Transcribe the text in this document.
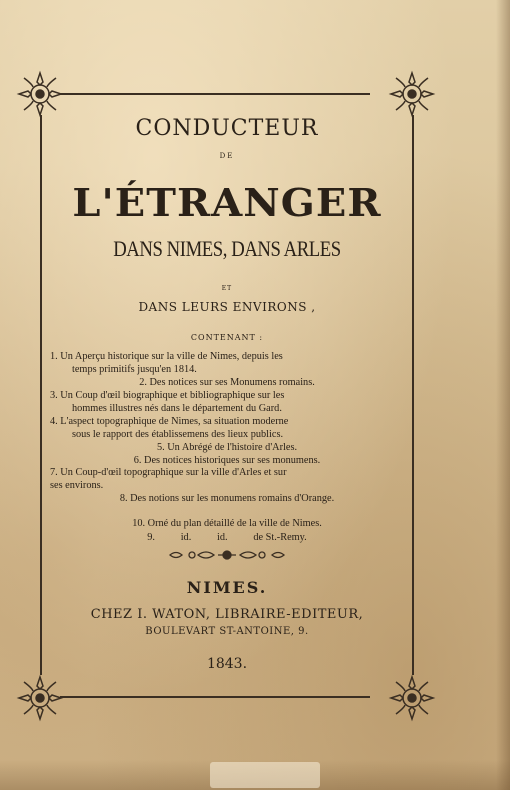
CONDUCTEUR
DE
L'ÉTRANGER
DANS NIMES, DANS ARLES
ET
DANS LEURS ENVIRONS ,
CONTENANT :
1. Un Aperçu historique sur la ville de Nimes, depuis les
temps primitifs jusqu'en 1814.
2. Des notices sur ses Monumens romains.
3. Un Coup d'œil biographique et bibliographique sur les
hommes illustres nés dans le département du Gard.
4. L'aspect topographique de Nimes, sa situation moderne
sous le rapport des établissemens des lieux publics.
5. Un Abrégé de l'histoire d'Arles.
6. Des notices historiques sur ses monumens.
7. Un Coup-d'œil topographique sur la ville d'Arles et sur
ses environs.
8. Des notions sur les monumens romains d'Orange.

9.          id.          id.          de St.-Remy.

10. Orné du plan détaillé de la ville de Nimes.
NIMES.
CHEZ I. WATON, LIBRAIRE-EDITEUR,
BOULEVART ST-ANTOINE, 9.
1843.
